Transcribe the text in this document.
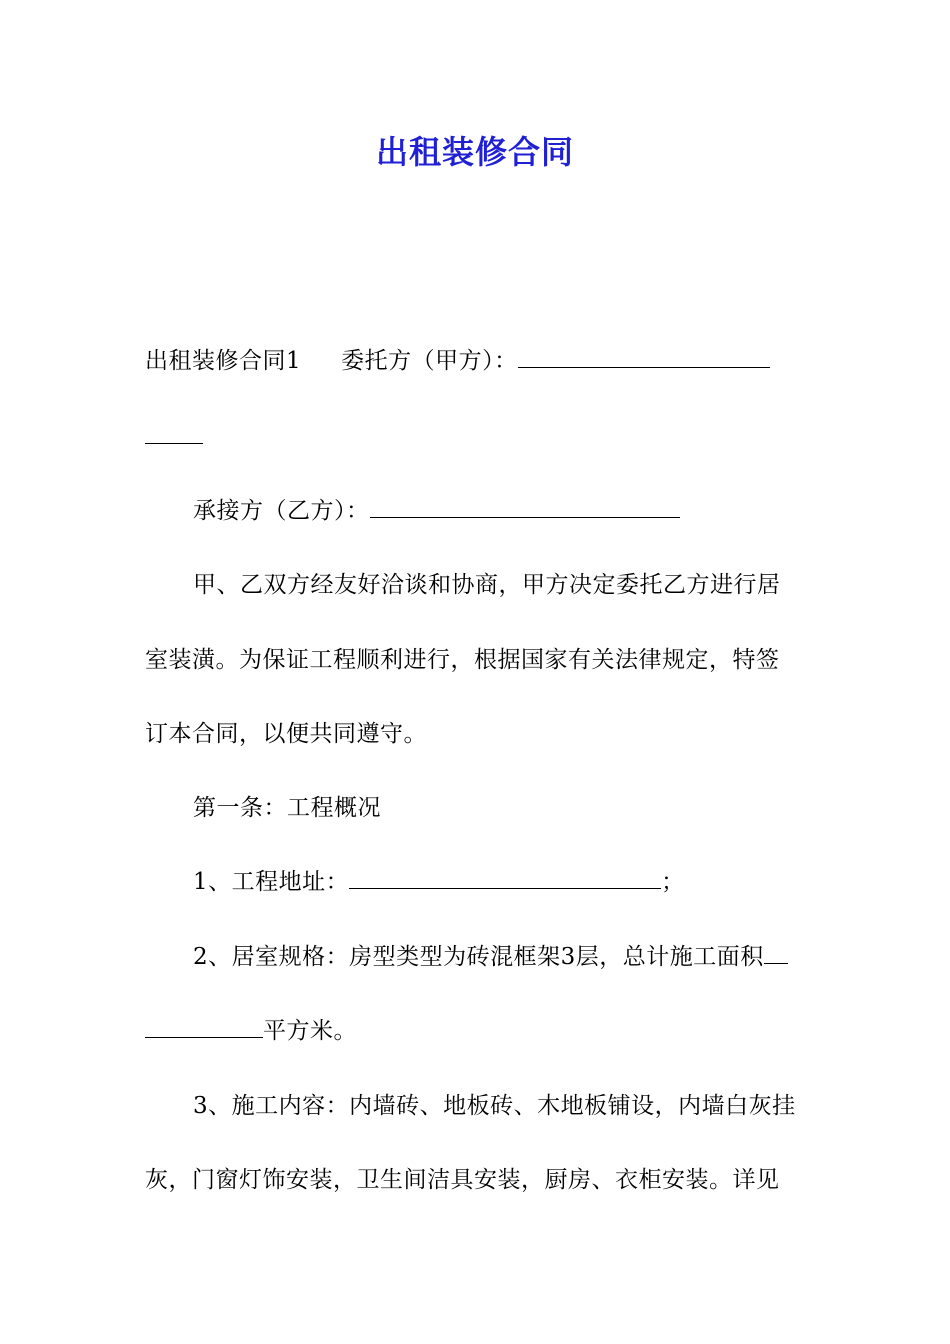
出租装修合同
出租装修合同1 委托方（甲方）：
承接方（乙方）：
甲、乙双方经友好洽谈和协商，甲方决定委托乙方进行居
室装潢。为保证工程顺利进行，根据国家有关法律规定，特签
订本合同，以便共同遵守。
第一条：工程概况
1、工程地址：	；
2、居室规格：房型类型为砖混框架3层，总计施工面积
平方米。
3、施工内容：内墙砖、地板砖、木地板铺设，内墙白灰挂
灰，门窗灯饰安装，卫生间洁具安装，厨房、衣柜安装。详见
